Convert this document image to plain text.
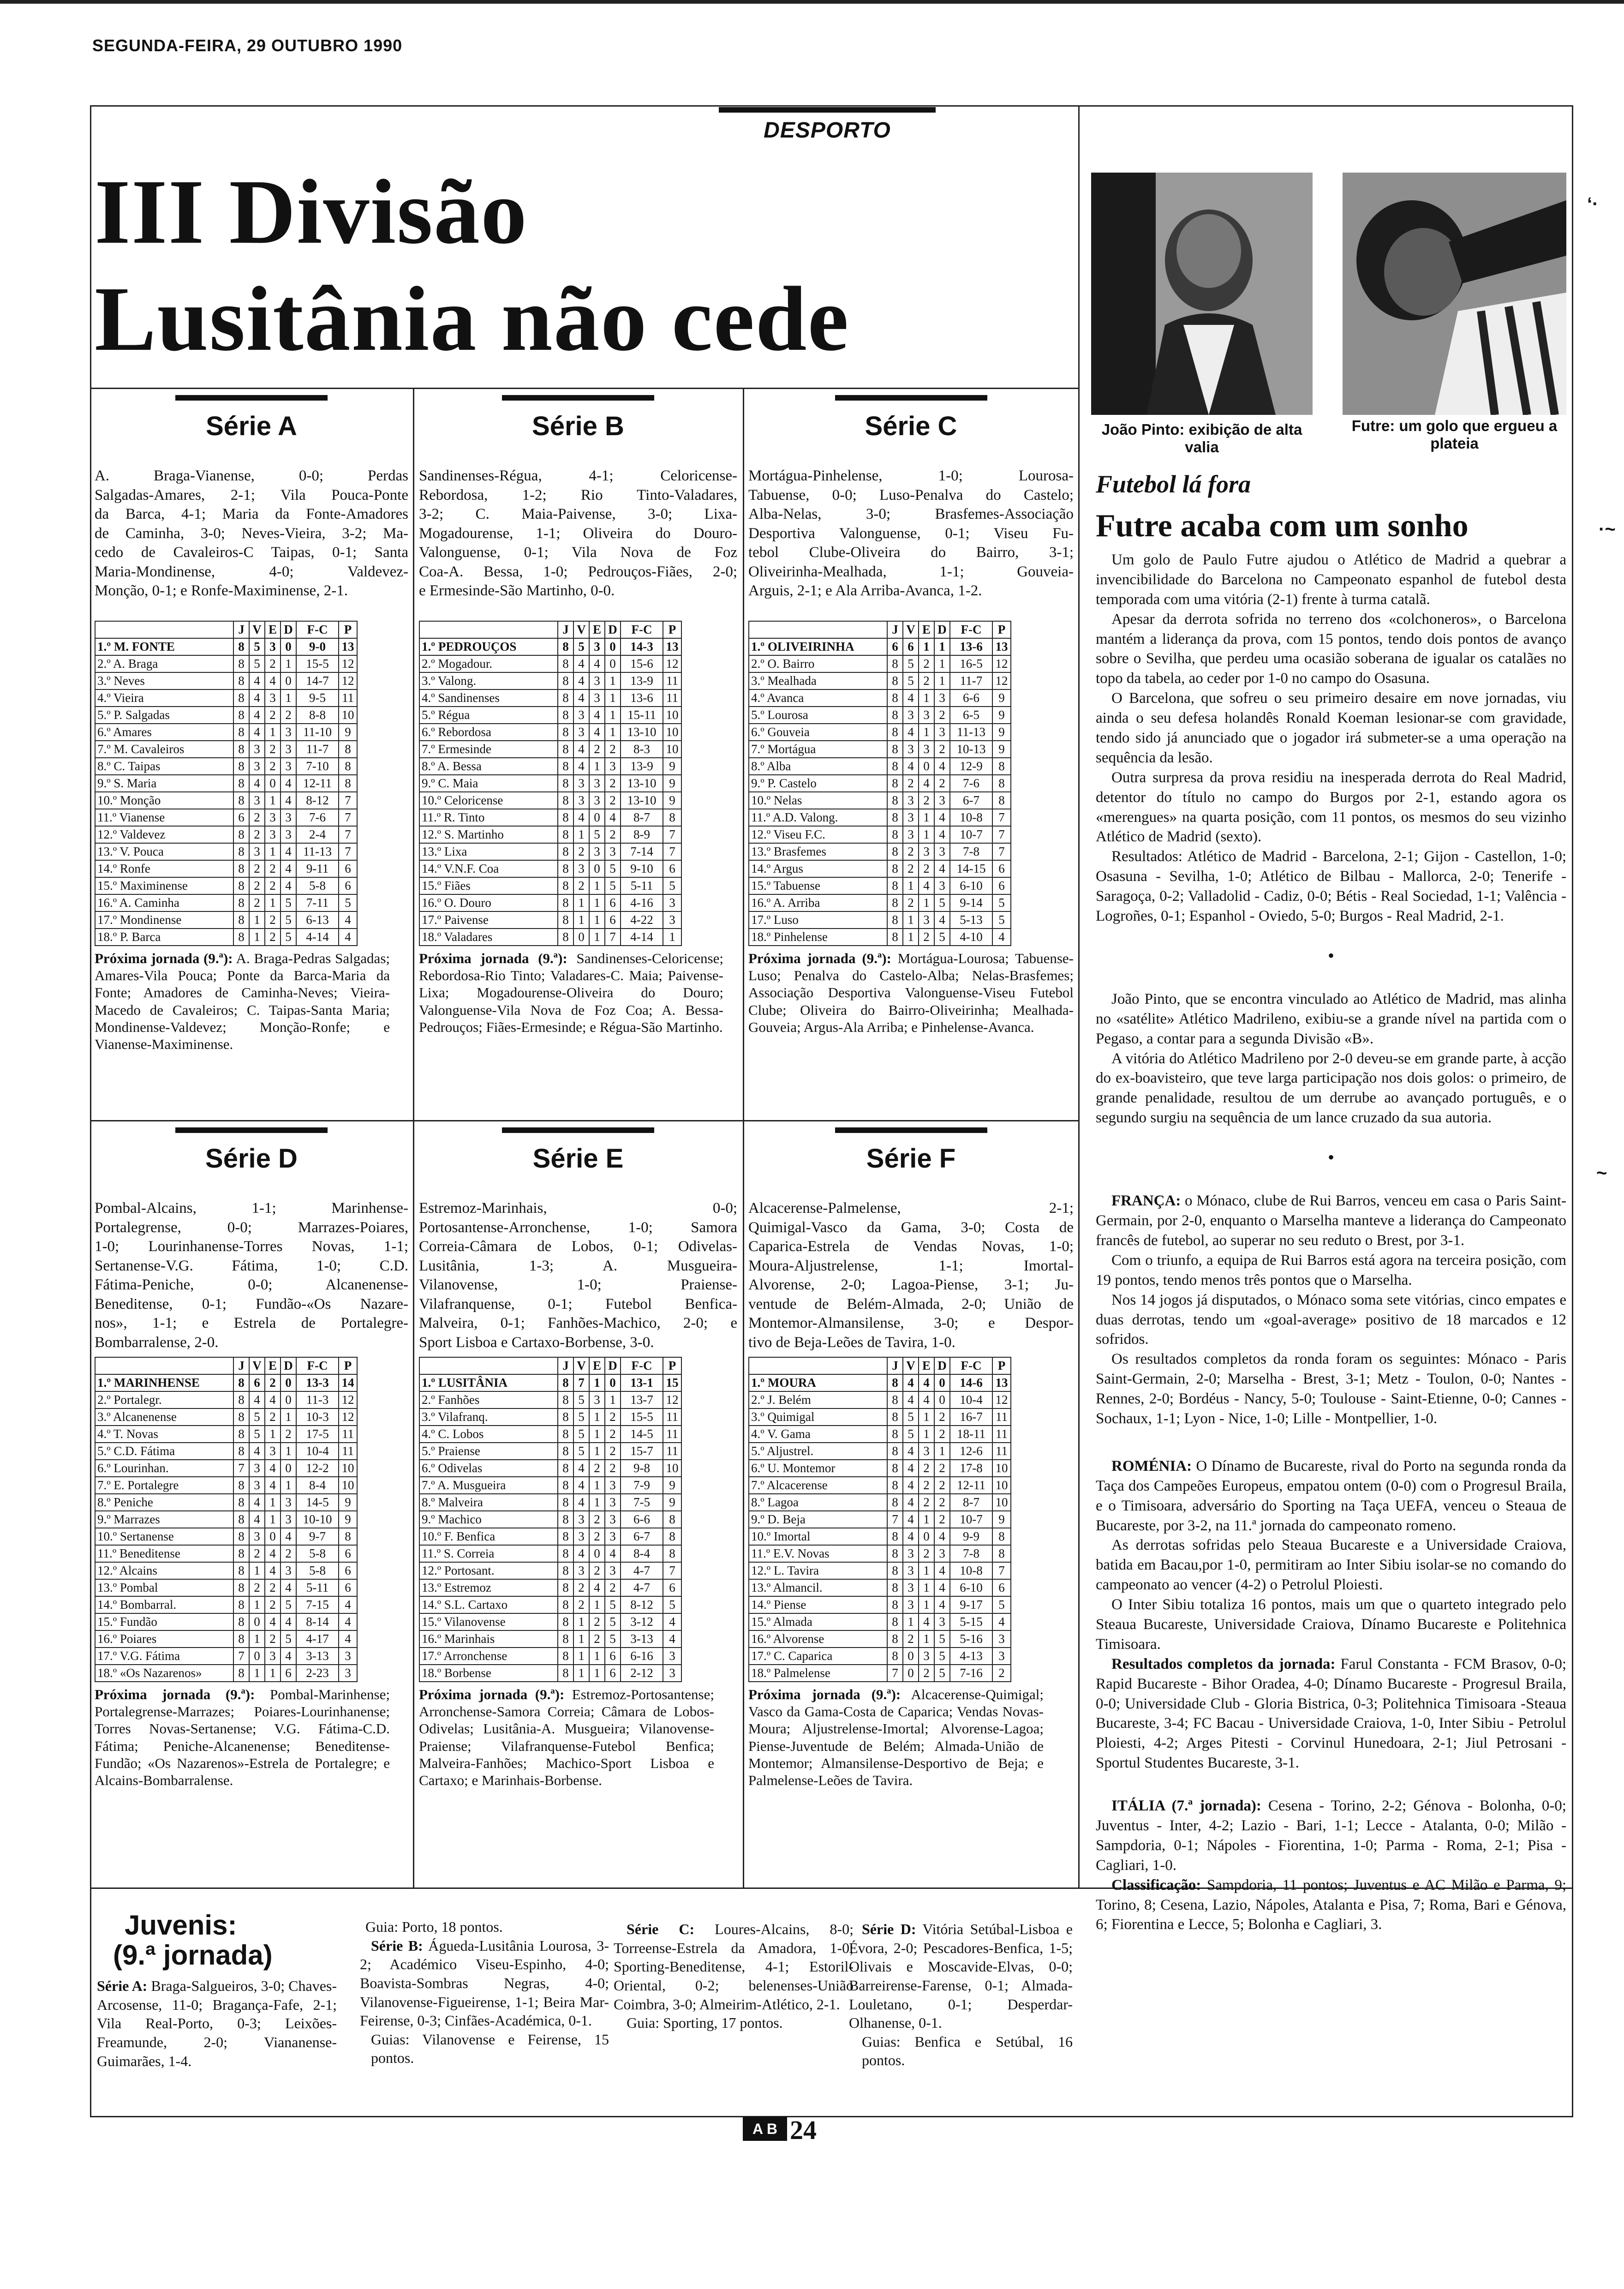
SEGUNDA-FEIRA, 29 OUTUBRO 1990
DESPORTO
III Divisão
Lusitânia não cede
Série A
A. Braga-Vianense, 0-0; Perdas
Salgadas-Amares, 2-1; Vila Pouca-Ponte
da Barca, 4-1; Maria da Fonte-Amadores
de Caminha, 3-0; Neves-Vieira, 3-2; Ma-
cedo de Cavaleiros-C Taipas, 0-1; Santa
Maria-Mondinense, 4-0; Valdevez-
Monção, 0-1; e Ronfe-Maximinense, 2-1.
	J	V	E	D	F-C	P
1.º M. FONTE	8	5	3	0	9-0	13
2.º A. Braga	8	5	2	1	15-5	12
3.º Neves	8	4	4	0	14-7	12
4.º Vieira	8	4	3	1	9-5	11
5.º P. Salgadas	8	4	2	2	8-8	10
6.º Amares	8	4	1	3	11-10	9
7.º M. Cavaleiros	8	3	2	3	11-7	8
8.º C. Taipas	8	3	2	3	7-10	8
9.º S. Maria	8	4	0	4	12-11	8
10.º Monção	8	3	1	4	8-12	7
11.º Vianense	6	2	3	3	7-6	7
12.º Valdevez	8	2	3	3	2-4	7
13.º V. Pouca	8	3	1	4	11-13	7
14.º Ronfe	8	2	2	4	9-11	6
15.º Maximinense	8	2	2	4	5-8	6
16.º A. Caminha	8	2	1	5	7-11	5
17.º Mondinense	8	1	2	5	6-13	4
18.º P. Barca	8	1	2	5	4-14	4
Próxima jornada (9.ª): A. Braga-Pedras Salgadas; Amares-Vila Pouca; Ponte da Barca-Maria da Fonte; Amadores de Caminha-Neves; Vieira-Macedo de Cavaleiros; C. Taipas-Santa Maria; Mondinense-Valdevez; Monção-Ronfe; e Vianense-Maximinense.
Série B
Sandinenses-Régua, 4-1; Celoricense-
Rebordosa, 1-2; Rio Tinto-Valadares,
3-2; C. Maia-Paivense, 3-0; Lixa-
Mogadourense, 1-1; Oliveira do Douro-
Valonguense, 0-1; Vila Nova de Foz
Coa-A. Bessa, 1-0; Pedrouços-Fiães, 2-0;
e Ermesinde-São Martinho, 0-0.
	J	V	E	D	F-C	P
1.º PEDROUÇOS	8	5	3	0	14-3	13
2.º Mogadour.	8	4	4	0	15-6	12
3.º Valong.	8	4	3	1	13-9	11
4.º Sandinenses	8	4	3	1	13-6	11
5.º Régua	8	3	4	1	15-11	10
6.º Rebordosa	8	3	4	1	13-10	10
7.º Ermesinde	8	4	2	2	8-3	10
8.º A. Bessa	8	4	1	3	13-9	9
9.º C. Maia	8	3	3	2	13-10	9
10.º Celoricense	8	3	3	2	13-10	9
11.º R. Tinto	8	4	0	4	8-7	8
12.º S. Martinho	8	1	5	2	8-9	7
13.º Lixa	8	2	3	3	7-14	7
14.º V.N.F. Coa	8	3	0	5	9-10	6
15.º Fiães	8	2	1	5	5-11	5
16.º O. Douro	8	1	1	6	4-16	3
17.º Paivense	8	1	1	6	4-22	3
18.º Valadares	8	0	1	7	4-14	1
Próxima jornada (9.ª): Sandinenses-Celoricense; Rebordosa-Rio Tinto; Valadares-C. Maia; Paivense-Lixa; Mogadourense-Oliveira do Douro; Valonguense-Vila Nova de Foz Coa; A. Bessa-Pedrouços; Fiães-Ermesinde; e Régua-São Martinho.
Série C
Mortágua-Pinhelense, 1-0; Lourosa-
Tabuense, 0-0; Luso-Penalva do Castelo;
Alba-Nelas, 3-0; Brasfemes-Associação
Desportiva Valonguense, 0-1; Viseu Fu-
tebol Clube-Oliveira do Bairro, 3-1;
Oliveirinha-Mealhada, 1-1; Gouveia-
Arguis, 2-1; e Ala Arriba-Avanca, 1-2.
	J	V	E	D	F-C	P
1.º OLIVEIRINHA	6	6	1	1	13-6	13
2.º O. Bairro	8	5	2	1	16-5	12
3.º Mealhada	8	5	2	1	11-7	12
4.º Avanca	8	4	1	3	6-6	9
5.º Lourosa	8	3	3	2	6-5	9
6.º Gouveia	8	4	1	3	11-13	9
7.º Mortágua	8	3	3	2	10-13	9
8.º Alba	8	4	0	4	12-9	8
9.º P. Castelo	8	2	4	2	7-6	8
10.º Nelas	8	3	2	3	6-7	8
11.º A.D. Valong.	8	3	1	4	10-8	7
12.º Viseu F.C.	8	3	1	4	10-7	7
13.º Brasfemes	8	2	3	3	7-8	7
14.º Argus	8	2	2	4	14-15	6
15.º Tabuense	8	1	4	3	6-10	6
16.º A. Arriba	8	2	1	5	9-14	5
17.º Luso	8	1	3	4	5-13	5
18.º Pinhelense	8	1	2	5	4-10	4
Próxima jornada (9.ª): Mortágua-Lourosa; Tabuense-Luso; Penalva do Castelo-Alba; Nelas-Brasfemes; Associação Desportiva Valonguense-Viseu Futebol Clube; Oliveira do Bairro-Oliveirinha; Mealhada-Gouveia; Argus-Ala Arriba; e Pinhelense-Avanca.
Série D
Pombal-Alcains, 1-1; Marinhense-
Portalegrense, 0-0; Marrazes-Poiares,
1-0; Lourinhanense-Torres Novas, 1-1;
Sertanense-V.G. Fátima, 1-0; C.D.
Fátima-Peniche, 0-0; Alcanenense-
Beneditense, 0-1; Fundão-«Os Nazare-
nos», 1-1; e Estrela de Portalegre-
Bombarralense, 2-0.
	J	V	E	D	F-C	P
1.º MARINHENSE	8	6	2	0	13-3	14
2.º Portalegr.	8	4	4	0	11-3	12
3.º Alcanenense	8	5	2	1	10-3	12
4.º T. Novas	8	5	1	2	17-5	11
5.º C.D. Fátima	8	4	3	1	10-4	11
6.º Lourinhan.	7	3	4	0	12-2	10
7.º E. Portalegre	8	3	4	1	8-4	10
8.º Peniche	8	4	1	3	14-5	9
9.º Marrazes	8	4	1	3	10-10	9
10.º Sertanense	8	3	0	4	9-7	8
11.º Beneditense	8	2	4	2	5-8	6
12.º Alcains	8	1	4	3	5-8	6
13.º Pombal	8	2	2	4	5-11	6
14.º Bombarral.	8	1	2	5	7-15	4
15.º Fundão	8	0	4	4	8-14	4
16.º Poiares	8	1	2	5	4-17	4
17.º V.G. Fátima	7	0	3	4	3-13	3
18.º «Os Nazarenos»	8	1	1	6	2-23	3
Próxima jornada (9.ª): Pombal-Marinhense; Portalegrense-Marrazes; Poiares-Lourinhanense; Torres Novas-Sertanense; V.G. Fátima-C.D. Fátima; Peniche-Alcanenense; Beneditense-Fundão; «Os Nazarenos»-Estrela de Portalegre; e Alcains-Bombarralense.
Série E
Estremoz-Marinhais, 0-0;
Portosantense-Arronchense, 1-0; Samora
Correia-Câmara de Lobos, 0-1; Odivelas-
Lusitânia, 1-3; A. Musgueira-
Vilanovense, 1-0; Praiense-
Vilafranquense, 0-1; Futebol Benfica-
Malveira, 0-1; Fanhões-Machico, 2-0; e
Sport Lisboa e Cartaxo-Borbense, 3-0.
	J	V	E	D	F-C	P
1.º LUSITÂNIA	8	7	1	0	13-1	15
2.º Fanhões	8	5	3	1	13-7	12
3.º Vilafranq.	8	5	1	2	15-5	11
4.º C. Lobos	8	5	1	2	14-5	11
5.º Praiense	8	5	1	2	15-7	11
6.º Odivelas	8	4	2	2	9-8	10
7.º A. Musgueira	8	4	1	3	7-9	9
8.º Malveira	8	4	1	3	7-5	9
9.º Machico	8	3	2	3	6-6	8
10.º F. Benfica	8	3	2	3	6-7	8
11.º S. Correia	8	4	0	4	8-4	8
12.º Portosant.	8	3	2	3	4-7	7
13.º Estremoz	8	2	4	2	4-7	6
14.º S.L. Cartaxo	8	2	1	5	8-12	5
15.º Vilanovense	8	1	2	5	3-12	4
16.º Marinhais	8	1	2	5	3-13	4
17.º Arronchense	8	1	1	6	6-16	3
18.º Borbense	8	1	1	6	2-12	3
Próxima jornada (9.ª): Estremoz-Portosantense; Arronchense-Samora Correia; Câmara de Lobos-Odivelas; Lusitânia-A. Musgueira; Vilanovense-Praiense; Vilafranquense-Futebol Benfica; Malveira-Fanhões; Machico-Sport Lisboa e Cartaxo; e Marinhais-Borbense.
Série F
Alcacerense-Palmelense, 2-1;
Quimigal-Vasco da Gama, 3-0; Costa de
Caparica-Estrela de Vendas Novas, 1-0;
Moura-Aljustrelense, 1-1; Imortal-
Alvorense, 2-0; Lagoa-Piense, 3-1; Ju-
ventude de Belém-Almada, 2-0; União de
Montemor-Almansilense, 3-0; e Despor-
tivo de Beja-Leões de Tavira, 1-0.
	J	V	E	D	F-C	P
1.º MOURA	8	4	4	0	14-6	13
2.º J. Belém	8	4	4	0	10-4	12
3.º Quimigal	8	5	1	2	16-7	11
4.º V. Gama	8	5	1	2	18-11	11
5.º Aljustrel.	8	4	3	1	12-6	11
6.º U. Montemor	8	4	2	2	17-8	10
7.º Alcacerense	8	4	2	2	12-11	10
8.º Lagoa	8	4	2	2	8-7	10
9.º D. Beja	7	4	1	2	10-7	9
10.º Imortal	8	4	0	4	9-9	8
11.º E.V. Novas	8	3	2	3	7-8	8
12.º L. Tavira	8	3	1	4	10-8	7
13.º Almancil.	8	3	1	4	6-10	6
14.º Piense	8	3	1	4	9-17	5
15.º Almada	8	1	4	3	5-15	4
16.º Alvorense	8	2	1	5	5-16	3
17.º C. Caparica	8	0	3	5	4-13	3
18.º Palmelense	7	0	2	5	7-16	2
Próxima jornada (9.ª): Alcacerense-Quimigal; Vasco da Gama-Costa de Caparica; Vendas Novas-Moura; Aljustrelense-Imortal; Alvorense-Lagoa; Piense-Juventude de Belém; Almada-União de Montemor; Almansilense-Desportivo de Beja; e Palmelense-Leões de Tavira.
João Pinto: exibição de alta valia
Futre: um golo que ergueu a plateia
Futebol lá fora
Futre acaba com um sonho

Um golo de Paulo Futre ajudou o Atlético de Madrid a quebrar a invencibilidade do Barcelona no Campeonato espanhol de futebol desta temporada com uma vitória (2-1) frente à turma catalã.

Apesar da derrota sofrida no terreno dos «colchoneros», o Barcelona mantém a liderança da prova, com 15 pontos, tendo dois pontos de avanço sobre o Sevilha, que perdeu uma ocasião soberana de igualar os catalães no topo da tabela, ao ceder por 1-0 no campo do Osasuna.

O Barcelona, que sofreu o seu primeiro desaire em nove jornadas, viu ainda o seu defesa holandês Ronald Koeman lesionar-se com gravidade, tendo sido já anunciado que o jogador irá submeter-se a uma operação na sequência da lesão.

Outra surpresa da prova residiu na inesperada derrota do Real Madrid, detentor do título no campo do Burgos por 2-1, estando agora os «merengues» na quarta posição, com 11 pontos, os mesmos do seu vizinho Atlético de Madrid (sexto).

Resultados: Atlético de Madrid - Barcelona, 2-1; Gijon - Castellon, 1-0; Osasuna - Sevilha, 1-0; Atlético de Bilbau - Mallorca, 2-0; Tenerife - Saragoça, 0-2; Valladolid - Cadiz, 0-0; Bétis - Real Sociedad, 1-1; Valência - Logroñes, 0-1; Espanhol - Oviedo, 5-0; Burgos - Real Madrid, 2-1.

•

João Pinto, que se encontra vinculado ao Atlético de Madrid, mas alinha no «satélite» Atlético Madrileno, exibiu-se a grande nível na partida com o Pegaso, a contar para a segunda Divisão «B».

A vitória do Atlético Madrileno por 2-0 deveu-se em grande parte, à acção do ex-boavisteiro, que teve larga participação nos dois golos: o primeiro, de grande penalidade, resultou de um derrube ao avançado português, e o segundo surgiu na sequência de um lance cruzado da sua autoria.

•

FRANÇA: o Mónaco, clube de Rui Barros, venceu em casa o Paris Saint-Germain, por 2-0, enquanto o Marselha manteve a liderança do Campeonato francês de futebol, ao superar no seu reduto o Brest, por 3-1.

Com o triunfo, a equipa de Rui Barros está agora na terceira posição, com 19 pontos, tendo menos três pontos que o Marselha.

Nos 14 jogos já disputados, o Mónaco soma sete vitórias, cinco empates e duas derrotas, tendo um «goal-average» positivo de 18 marcados e 12 sofridos.

Os resultados completos da ronda foram os seguintes: Mónaco - Paris Saint-Germain, 2-0; Marselha - Brest, 3-1; Metz - Toulon, 0-0; Nantes - Rennes, 2-0; Bordéus - Nancy, 5-0; Toulouse - Saint-Etienne, 0-0; Cannes - Sochaux, 1-1; Lyon - Nice, 1-0; Lille - Montpellier, 1-0.

ROMÉNIA: O Dínamo de Bucareste, rival do Porto na segunda ronda da Taça dos Campeões Europeus, empatou ontem (0-0) com o Progresul Braila, e o Timisoara, adversário do Sporting na Taça UEFA, venceu o Steaua de Bucareste, por 3-2, na 11.ª jornada do campeonato romeno.

As derrotas sofridas pelo Steaua Bucareste e a Universidade Craiova, batida em Bacau,por 1-0, permitiram ao Inter Sibiu isolar-se no comando do campeonato ao vencer (4-2) o Petrolul Ploiesti.

O Inter Sibiu totaliza 16 pontos, mais um que o quarteto integrado pelo Steaua Bucareste, Universidade Craiova, Dínamo Bucareste e Politehnica Timisoara.

Resultados completos da jornada: Farul Constanta - FCM Brasov, 0-0; Rapid Bucareste - Bihor Oradea, 4-0; Dínamo Bucareste - Progresul Braila, 0-0; Universidade Club - Gloria Bistrica, 0-3; Politehnica Timisoara -Steaua Bucareste, 3-4; FC Bacau - Universidade Craiova, 1-0, Inter Sibiu - Petrolul Ploiesti, 4-2; Arges Pitesti - Corvinul Hunedoara, 2-1; Jiul Petrosani - Sportul Studentes Bucareste, 3-1.

ITÁLIA (7.ª jornada): Cesena - Torino, 2-2; Génova - Bolonha, 0-0; Juventus - Inter, 4-2; Lazio - Bari, 1-1; Lecce - Atalanta, 0-0; Milão - Sampdoria, 0-1; Nápoles - Fiorentina, 1-0; Parma - Roma, 2-1; Pisa - Cagliari, 1-0.

Classificação: Sampdoria, 11 pontos; Juventus e AC Milão e Parma, 9; Torino, 8; Cesena, Lazio, Nápoles, Atalanta e Pisa, 7; Roma, Bari e Génova, 6; Fiorentina e Lecce, 5; Bolonha e Cagliari, 3.

Juvenis:
(9.ª jornada)
Série A: Braga-Salgueiros, 3-0; Chaves-Arcosense, 11-0; Bragança-Fafe, 2-1; Vila Real-Porto, 0-3; Leixões-Freamunde, 2-0; Viananense-Guimarães, 1-4.
Guia: Porto, 18 pontos.
Série B: Águeda-Lusitânia Lourosa, 3-2; Académico Viseu-Espinho, 4-0; Boavista-Sombras Negras, 4-0; Vilanovense-Figueirense, 1-1; Beira Mar-Feirense, 0-3; Cinfães-Académica, 0-1.
Guias: Vilanovense e Feirense, 15 pontos.
Série C: Loures-Alcains, 8-0; Torreense-Estrela da Amadora, 1-0; Sporting-Beneditense, 4-1; Estoril-Oriental, 0-2; belenenses-União Coimbra, 3-0; Almeirim-Atlético, 2-1.
Guia: Sporting, 17 pontos.
Série D: Vitória Setúbal-Lisboa e Évora, 2-0; Pescadores-Benfica, 1-5; Olivais e Moscavide-Elvas, 0-0; Barreirense-Farense, 0-1; Almada-Louletano, 0-1; Desperdar-Olhanense, 0-1.
Guias: Benfica e Setúbal, 16 pontos.
A B 24
ʻ·
·~
~
